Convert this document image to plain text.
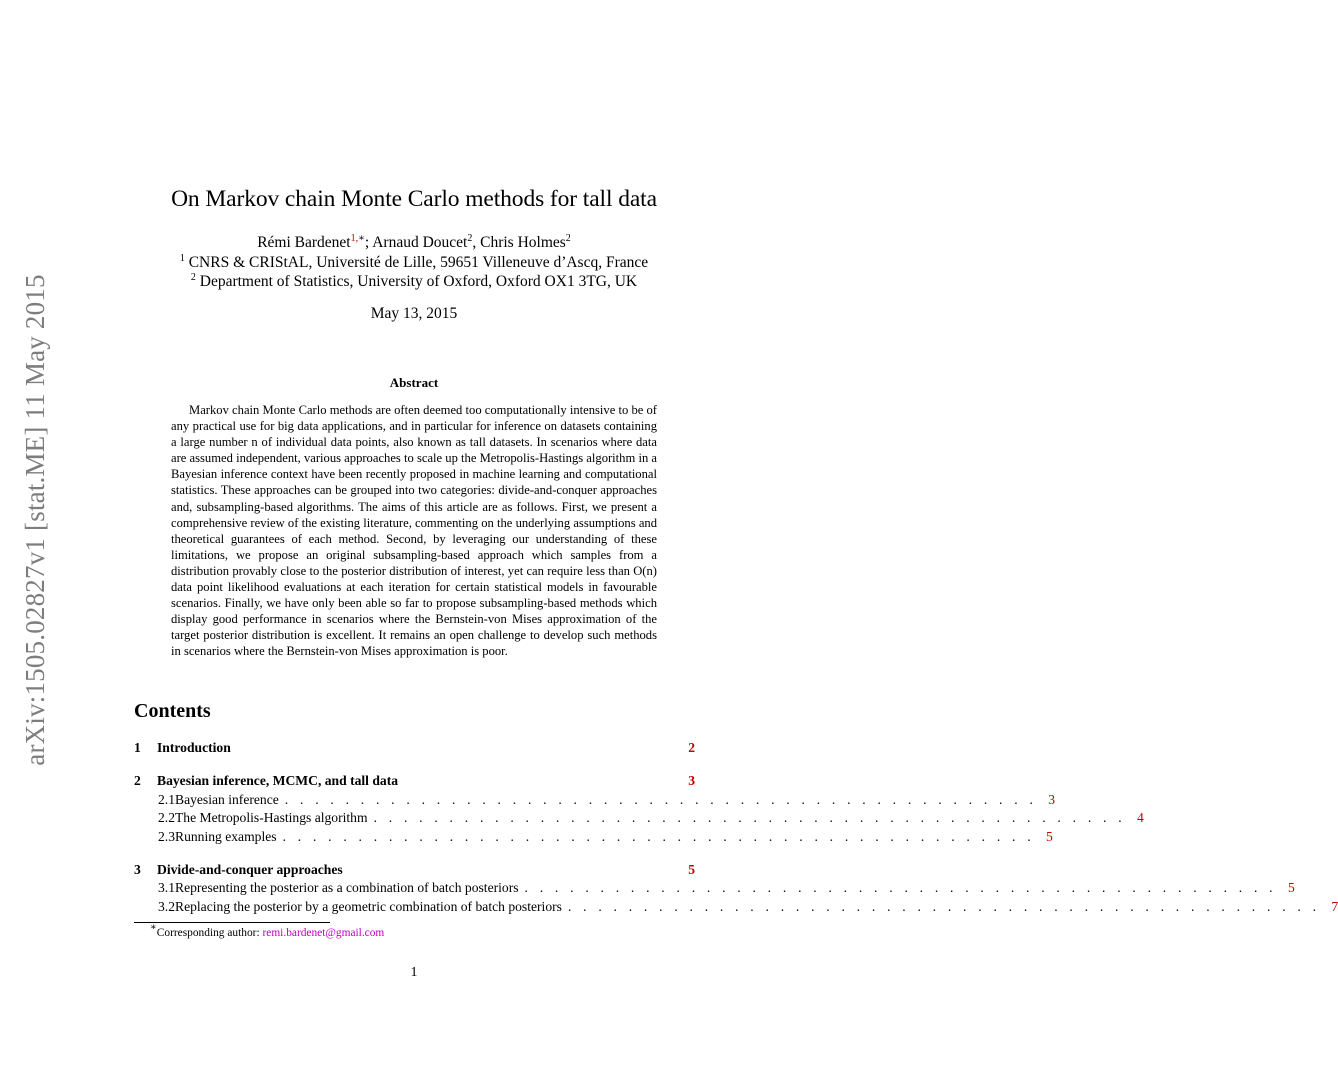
arXiv:1505.02827v1 [stat.ME] 11 May 2015
On Markov chain Monte Carlo methods for tall data
Rémi Bardenet$^{1,∗}$; Arnaud Doucet$^2$, Chris Holmes$^2$
$^1$ CNRS & CRIStAL, Université de Lille, 59651 Villeneuve d’Ascq, France
$^2$ Department of Statistics, University of Oxford, Oxford OX1 3TG, UK
May 13, 2015
Abstract
Markov chain Monte Carlo methods are often deemed too computationally intensive to be of any practical use for big data applications, and in particular for inference on datasets containing a large number n of individual data points, also known as tall datasets. In scenarios where data are assumed independent, various approaches to scale up the Metropolis-Hastings algorithm in a Bayesian inference context have been recently proposed in machine learning and computational statistics. These approaches can be grouped into two categories: divide-and-conquer approaches and, subsampling-based algorithms. The aims of this article are as follows. First, we present a comprehensive review of the existing literature, commenting on the underlying assumptions and theoretical guarantees of each method. Second, by leveraging our understanding of these limitations, we propose an original subsampling-based approach which samples from a distribution provably close to the posterior distribution of interest, yet can require less than O(n) data point likelihood evaluations at each iteration for certain statistical models in favourable scenarios. Finally, we have only been able so far to propose subsampling-based methods which display good performance in scenarios where the Bernstein-von Mises approximation of the target posterior distribution is excellent. It remains an open challenge to develop such methods in scenarios where the Bernstein-von Mises approximation is poor.
Contents
1	Introduction	2
2	Bayesian inference, MCMC, and tall data	3
2.1 Bayesian inference . . . . . . . . . . . . . . . . . . . . . . . . . . . . . . . . . . . . . . . . . . . . . . . . . . 3
2.2 The Metropolis-Hastings algorithm . . . . . . . . . . . . . . . . . . . . . . . . . . . . . . . . . . . . . . . . . . . . . . . . . . 4
2.3 Running examples . . . . . . . . . . . . . . . . . . . . . . . . . . . . . . . . . . . . . . . . . . . . . . . . . . 5
3	Divide-and-conquer approaches	5
3.1 Representing the posterior as a combination of batch posteriors . . . . . . . . . . . . . . . . . . . . . . . . . . . . . . . . . . . . . . . . . . . . . . . . . . 5
3.2 Replacing the posterior by a geometric combination of batch posteriors . . . . . . . . . . . . . . . . . . . . . . . . . . . . . . . . . . . . . . . . . . . . . . . . . . 7
∗Corresponding author: remi.bardenet@gmail.com
1
